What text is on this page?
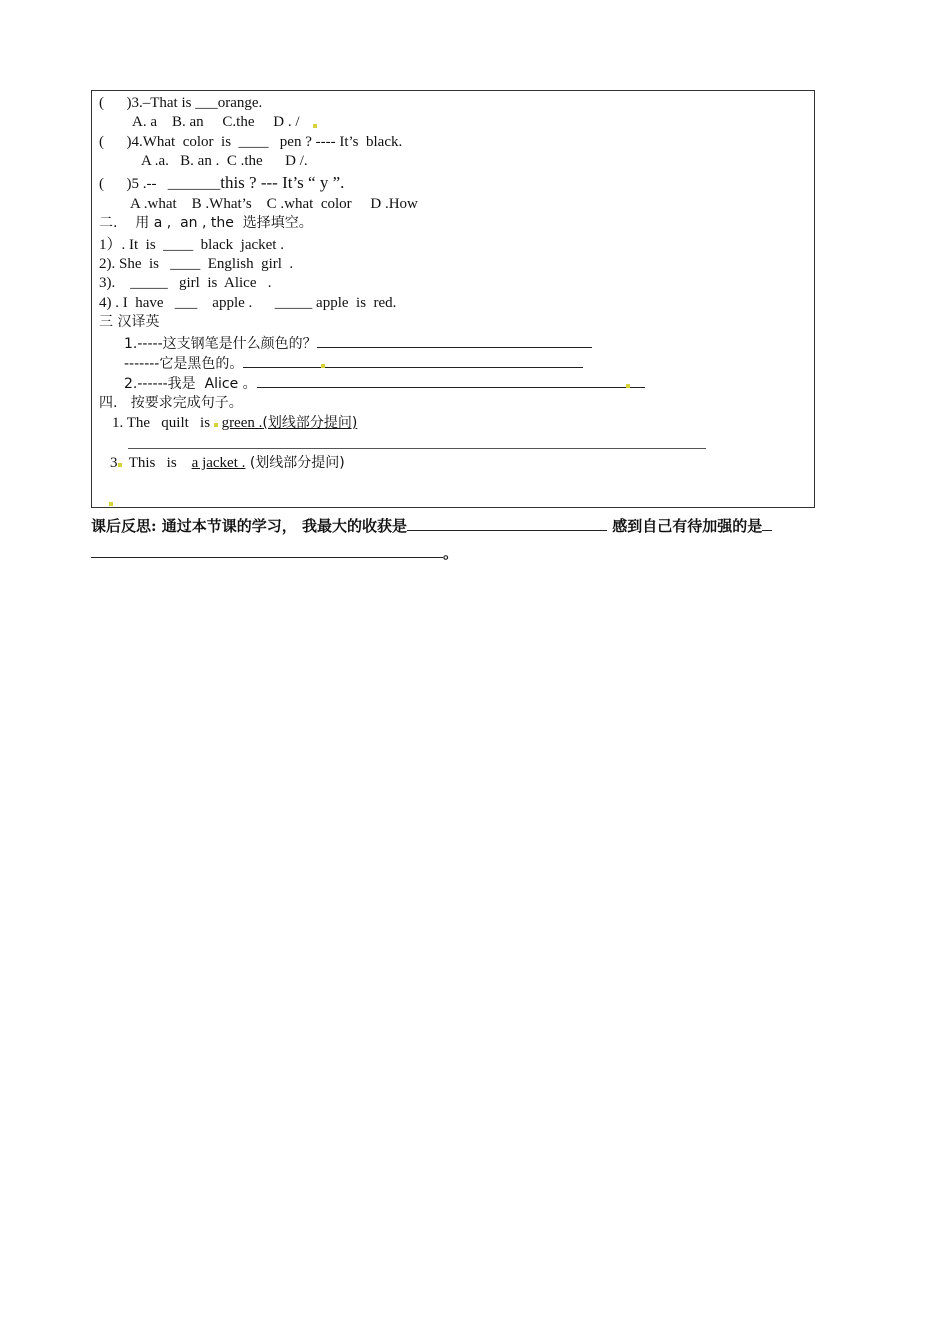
(      )3.–That is ___orange.
A. a    B. an     C.the     D . /
(      )4.What  color  is  ____   pen ? ---- It’s  black.
A .a.   B. an .  C .the      D /.
(      )5 .--   _______this ? --- It’s “ y ”.
A .what    B .What’s    C .what  color     D .How
二.    用 a ,  an , the  选择填空。
1）. It  is  ____  black  jacket .
2). She  is   ____  English  girl  .
3).    _____   girl  is  Alice   .
4) . I  have   ___    apple .      _____ apple  is  red.
三 汉译英
1.-----这支钢笔是什么颜色的？
-------它是黑色的。
2.------我是  Alice 。
四.   按要求完成句子。
1. The   quilt   is  green .(划线部分提问)
3  This   is    a jacket . (划线部分提问)
课后反思: 通过本节课的学习， 我最大的收获是	感到自己有待加强的是
。
